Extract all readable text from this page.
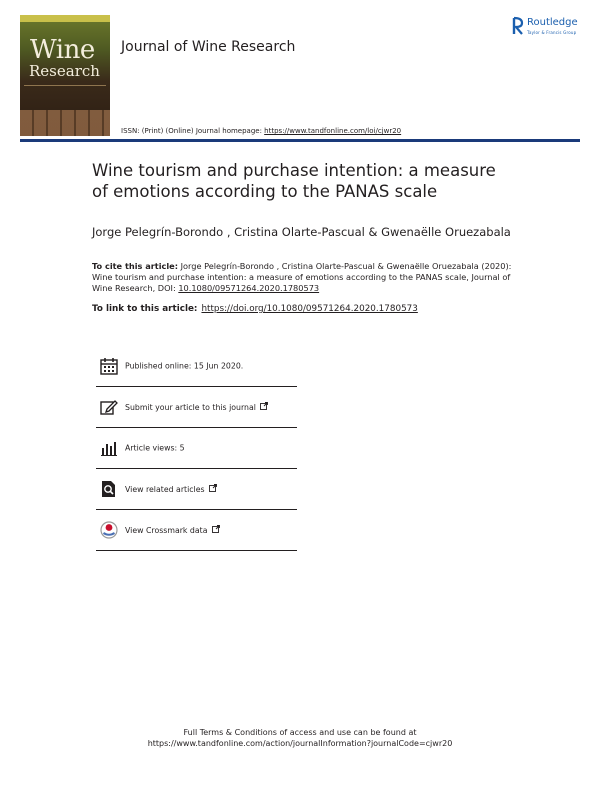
Wine
Research
Journal of Wine Research
ISSN: (Print) (Online) Journal homepage: https://www.tandfonline.com/loi/cjwr20
Routledge
Taylor & Francis Group
Wine tourism and purchase intention: a measure of emotions according to the PANAS scale
Jorge Pelegrín-Borondo , Cristina Olarte-Pascual & Gwenaëlle Oruezabala
To cite this article: Jorge Pelegrín-Borondo , Cristina Olarte-Pascual & Gwenaëlle Oruezabala (2020): Wine tourism and purchase intention: a measure of emotions according to the PANAS scale, Journal of Wine Research, DOI: 10.1080/09571264.2020.1780573
To link to this article: https://doi.org/10.1080/09571264.2020.1780573
Published online: 15 Jun 2020.
Submit your article to this journal
Article views: 5
View related articles
View Crossmark data
Full Terms & Conditions of access and use can be found at
https://www.tandfonline.com/action/journalInformation?journalCode=cjwr20
